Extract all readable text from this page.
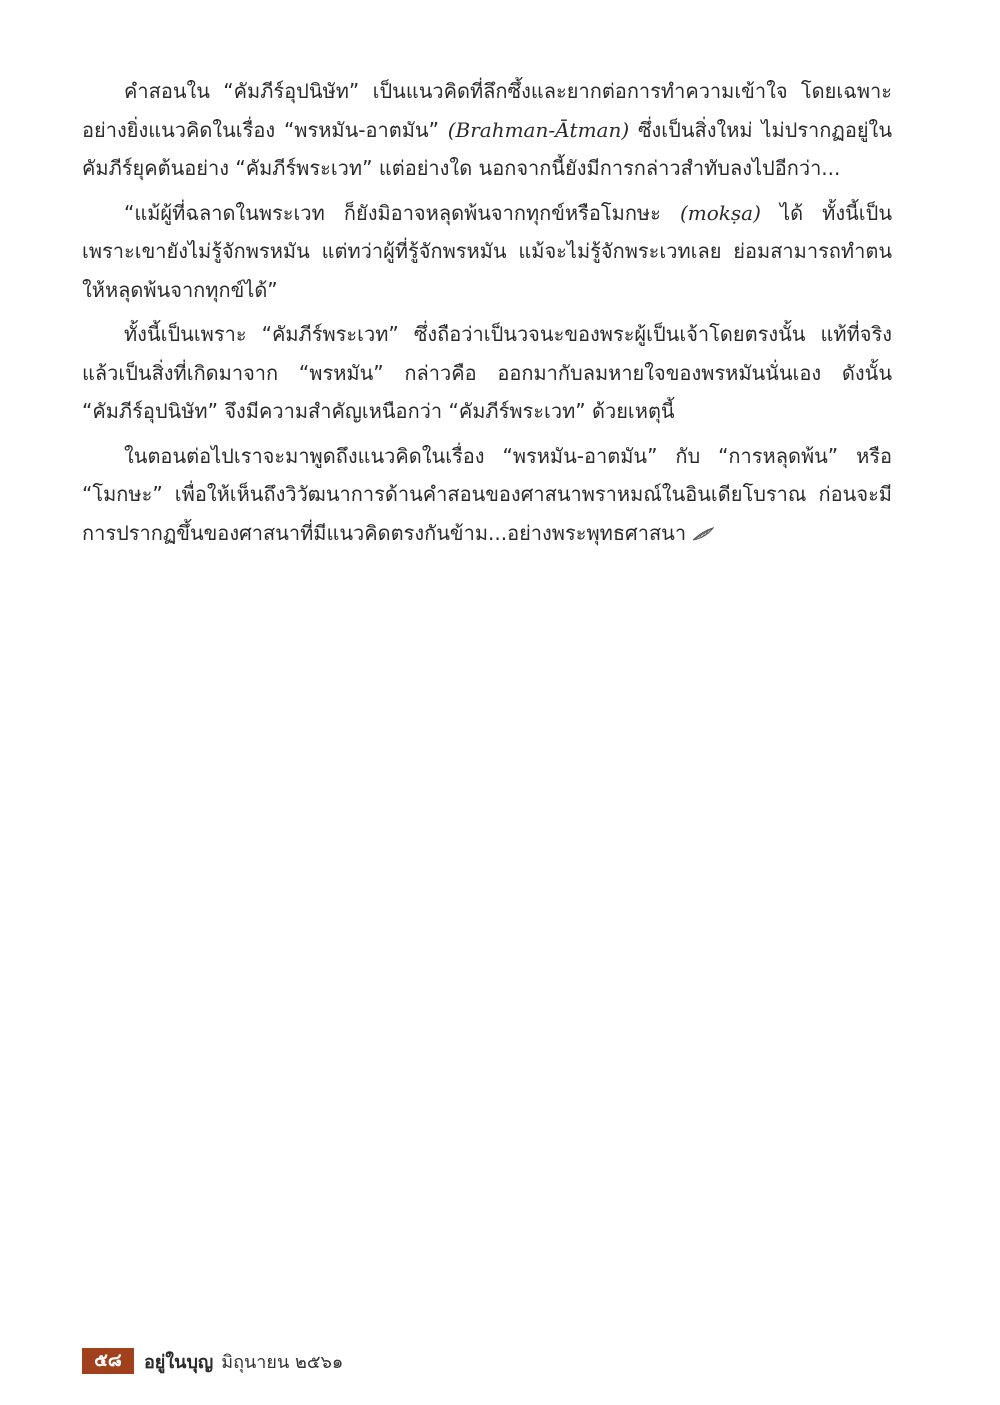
คำสอนใน “คัมภีร์อุปนิษัท” เป็นแนวคิดที่ลึกซึ้งและยากต่อการทำความเข้าใจ โดยเฉพาะอย่างยิ่งแนวคิดในเรื่อง “พรหมัน-อาตมัน” (Brahman-Ātman) ซึ่งเป็นสิ่งใหม่ ไม่ปรากฏอยู่ในคัมภีร์ยุคต้นอย่าง “คัมภีร์พระเวท” แต่อย่างใด นอกจากนี้ยังมีการกล่าวสำทับลงไปอีกว่า...

“แม้ผู้ที่ฉลาดในพระเวท ก็ยังมิอาจหลุดพ้นจากทุกข์หรือโมกษะ (mokṣa) ได้ ทั้งนี้เป็นเพราะเขายังไม่รู้จักพรหมัน แต่ทว่าผู้ที่รู้จักพรหมัน แม้จะไม่รู้จักพระเวทเลย ย่อมสามารถทำตนให้หลุดพ้นจากทุกข์ได้”

ทั้งนี้เป็นเพราะ “คัมภีร์พระเวท” ซึ่งถือว่าเป็นวจนะของพระผู้เป็นเจ้าโดยตรงนั้น แท้ที่จริงแล้วเป็นสิ่งที่เกิดมาจาก “พรหมัน” กล่าวคือ ออกมากับลมหายใจของพรหมันนั่นเอง ดังนั้น “คัมภีร์อุปนิษัท” จึงมีความสำคัญเหนือกว่า “คัมภีร์พระเวท” ด้วยเหตุนี้

ในตอนต่อไปเราจะมาพูดถึงแนวคิดในเรื่อง “พรหมัน-อาตมัน” กับ “การหลุดพ้น” หรือ “โมกษะ” เพื่อให้เห็นถึงวิวัฒนาการด้านคำสอนของศาสนาพราหมณ์ในอินเดียโบราณ ก่อนจะมีการปรากฏขึ้นของศาสนาที่มีแนวคิดตรงกันข้าม...อย่างพระพุทธศาสนา

๕๘	อยู่ในบุญ มิถุนายน ๒๕๖๑
